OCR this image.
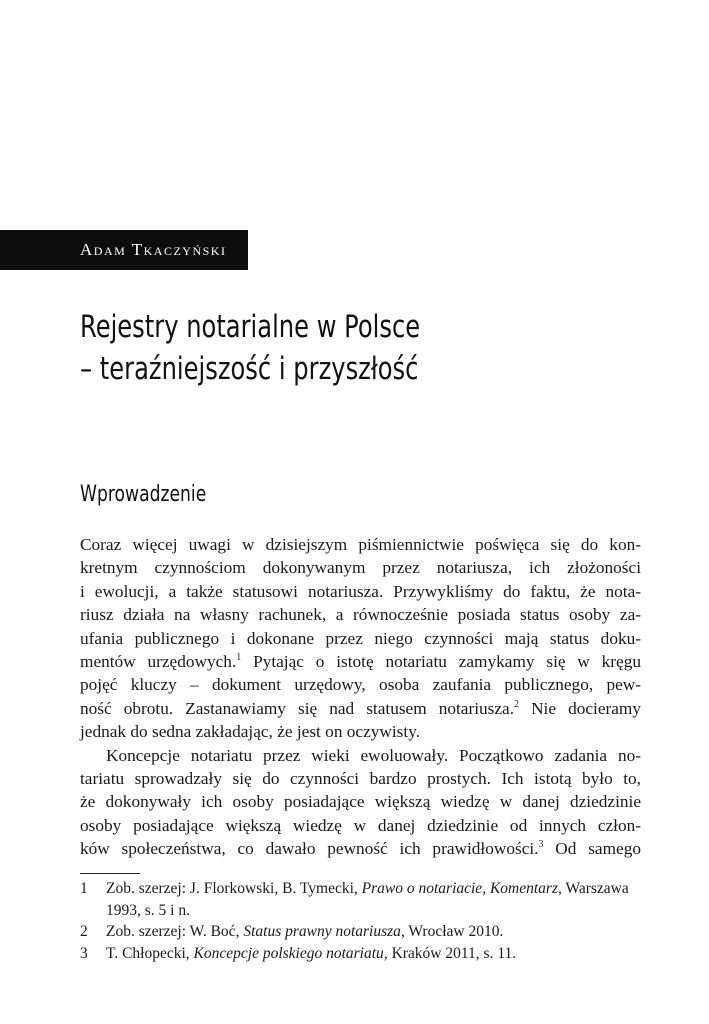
Adam Tkaczyński
Rejestry notarialne w Polsce
– teraźniejszość i przyszłość
Wprowadzenie
Coraz więcej uwagi w dzisiejszym piśmiennictwie poświęca się do kon-
kretnym czynnościom dokonywanym przez notariusza, ich złożoności
i ewolucji, a także statusowi notariusza. Przywykliśmy do faktu, że nota-
riusz działa na własny rachunek, a równocześnie posiada status osoby za-
ufania publicznego i dokonane przez niego czynności mają status doku-
mentów urzędowych.$^1$ Pytając o istotę notariatu zamykamy się w kręgu
pojęć kluczy – dokument urzędowy, osoba zaufania publicznego, pew-
ność obrotu. Zastanawiamy się nad statusem notariusza.$^2$ Nie docieramy
jednak do sedna zakładając, że jest on oczywisty.
Koncepcje notariatu przez wieki ewoluowały. Początkowo zadania no-
tariatu sprowadzały się do czynności bardzo prostych. Ich istotą było to,
że dokonywały ich osoby posiadające większą wiedzę w danej dziedzinie
osoby posiadające większą wiedzę w danej dziedzinie od innych człon-
ków społeczeństwa, co dawało pewność ich prawidłowości.$^3$ Od samego
1	Zob. szerzej: J. Florkowski, B. Tymecki, Prawo o notariacie, Komentarz, Warszawa
1993, s. 5 i n.
2	Zob. szerzej: W. Boć, Status prawny notariusza, Wrocław 2010.
3	T. Chłopecki, Koncepcje polskiego notariatu, Kraków 2011, s. 11.
